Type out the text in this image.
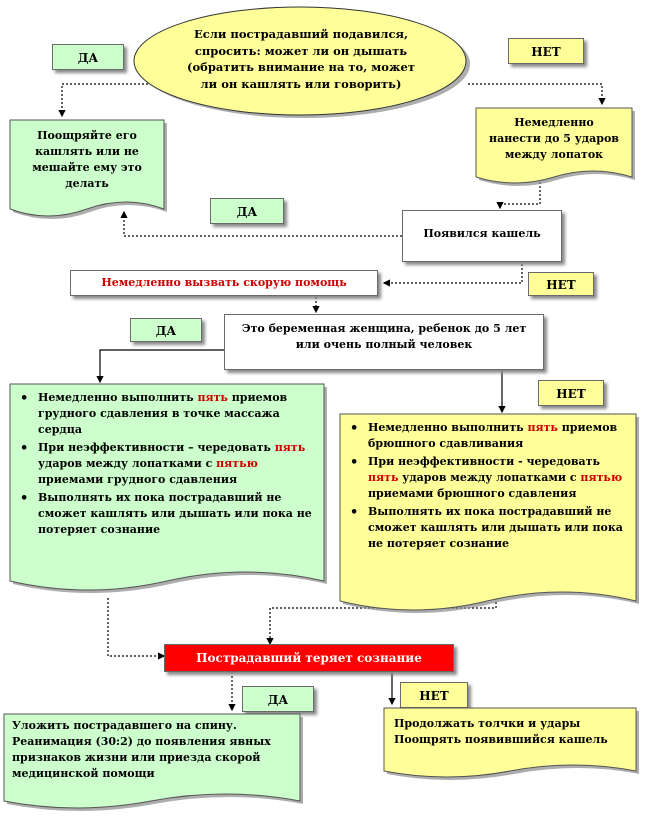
Если пострадавший подавился, спросить: может ли он дышать (обратить внимание на то, может ли он кашлять или говорить)
ДА	НЕТ
Поощряйте его кашлять или не мешайте ему это делать
Немедленно нанести до 5 ударов между лопаток
ДА
Появился кашель
НЕТ
Немедленно вызвать скорую помощь
ДА	Это беременная женщина, ребенок до 5 лет или очень полный человек
НЕТ
• Немедленно выполнить пять приемов грудного сдавления в точке массажа сердца
• При неэффективности – чередовать пять ударов между лопатками с пятью приемами грудного сдавления
• Выполнять их пока пострадавший не сможет кашлять или дышать или пока не потеряет сознание
• Немедленно выполнить пять приемов брюшного сдавливания
• При неэффективности - чередовать пять ударов между лопатками с пятью приемами брюшного сдавления
• Выполнять их пока пострадавший не сможет кашлять или дышать или пока не потеряет сознание
Пострадавший теряет сознание
ДА	НЕТ
Уложить пострадавшего на спину. Реанимация (30:2) до появления явных признаков жизни или приезда скорой медицинской помощи
Продолжать толчки и удары Поощрять появившийся кашель
